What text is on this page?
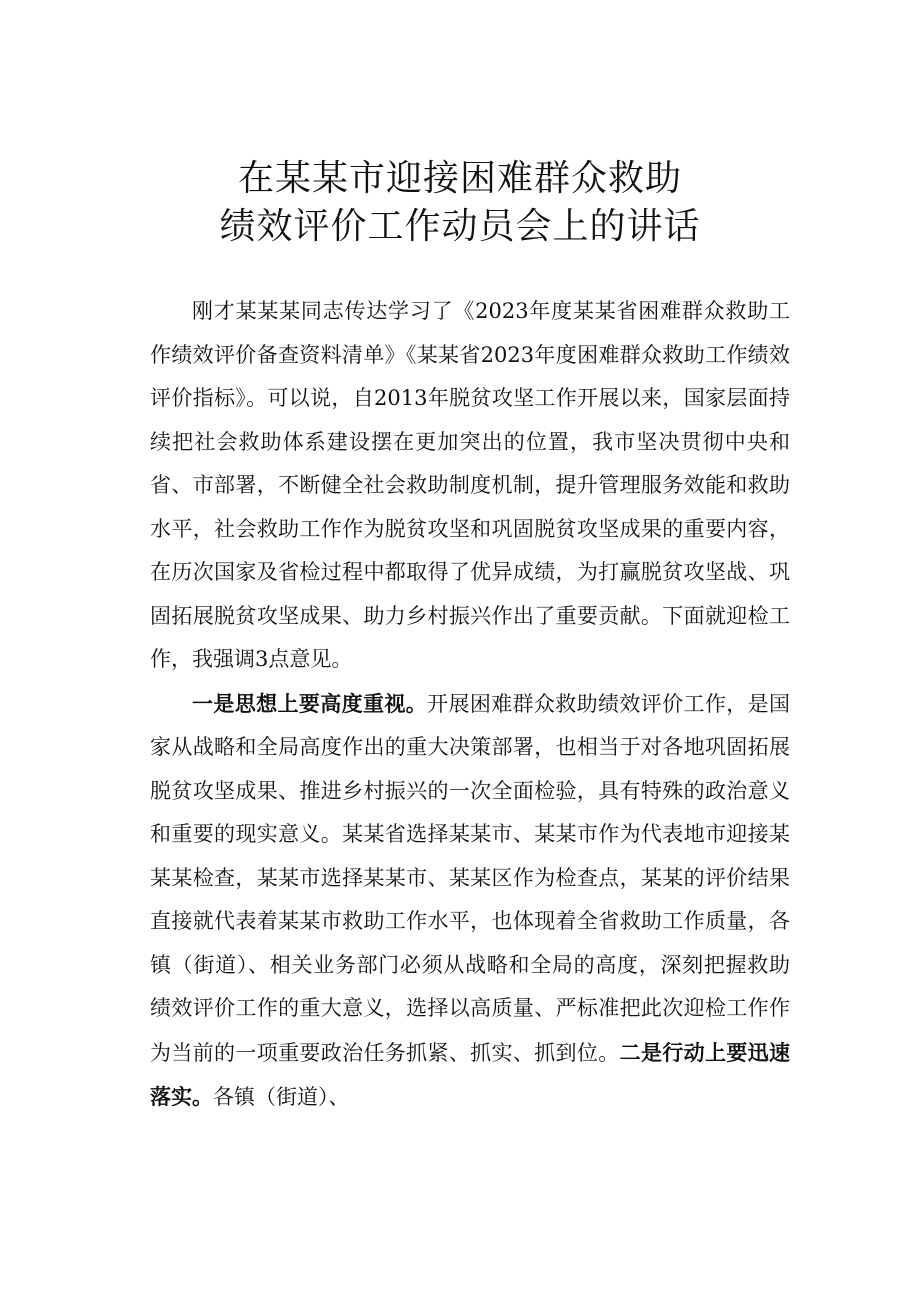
在某某市迎接困难群众救助
绩效评价工作动员会上的讲话

刚才某某某同志传达学习了《2023年度某某省困难群众救助工作绩效评价备查资料清单》《某某省2023年度困难群众救助工作绩效评价指标》。可以说，自2013年脱贫攻坚工作开展以来，国家层面持续把社会救助体系建设摆在更加突出的位置，我市坚决贯彻中央和省、市部署，不断健全社会救助制度机制，提升管理服务效能和救助水平，社会救助工作作为脱贫攻坚和巩固脱贫攻坚成果的重要内容，在历次国家及省检过程中都取得了优异成绩，为打赢脱贫攻坚战、巩固拓展脱贫攻坚成果、助力乡村振兴作出了重要贡献。下面就迎检工作，我强调3点意见。

一是思想上要高度重视。开展困难群众救助绩效评价工作，是国家从战略和全局高度作出的重大决策部署，也相当于对各地巩固拓展脱贫攻坚成果、推进乡村振兴的一次全面检验，具有特殊的政治意义和重要的现实意义。某某省选择某某市、某某市作为代表地市迎接某某某检查，某某市选择某某市、某某区作为检查点，某某的评价结果直接就代表着某某市救助工作水平，也体现着全省救助工作质量，各镇（街道）、相关业务部门必须从战略和全局的高度，深刻把握救助绩效评价工作的重大意义，选择以高质量、严标准把此次迎检工作作为当前的一项重要政治任务抓紧、抓实、抓到位。二是行动上要迅速落实。各镇（街道）、
